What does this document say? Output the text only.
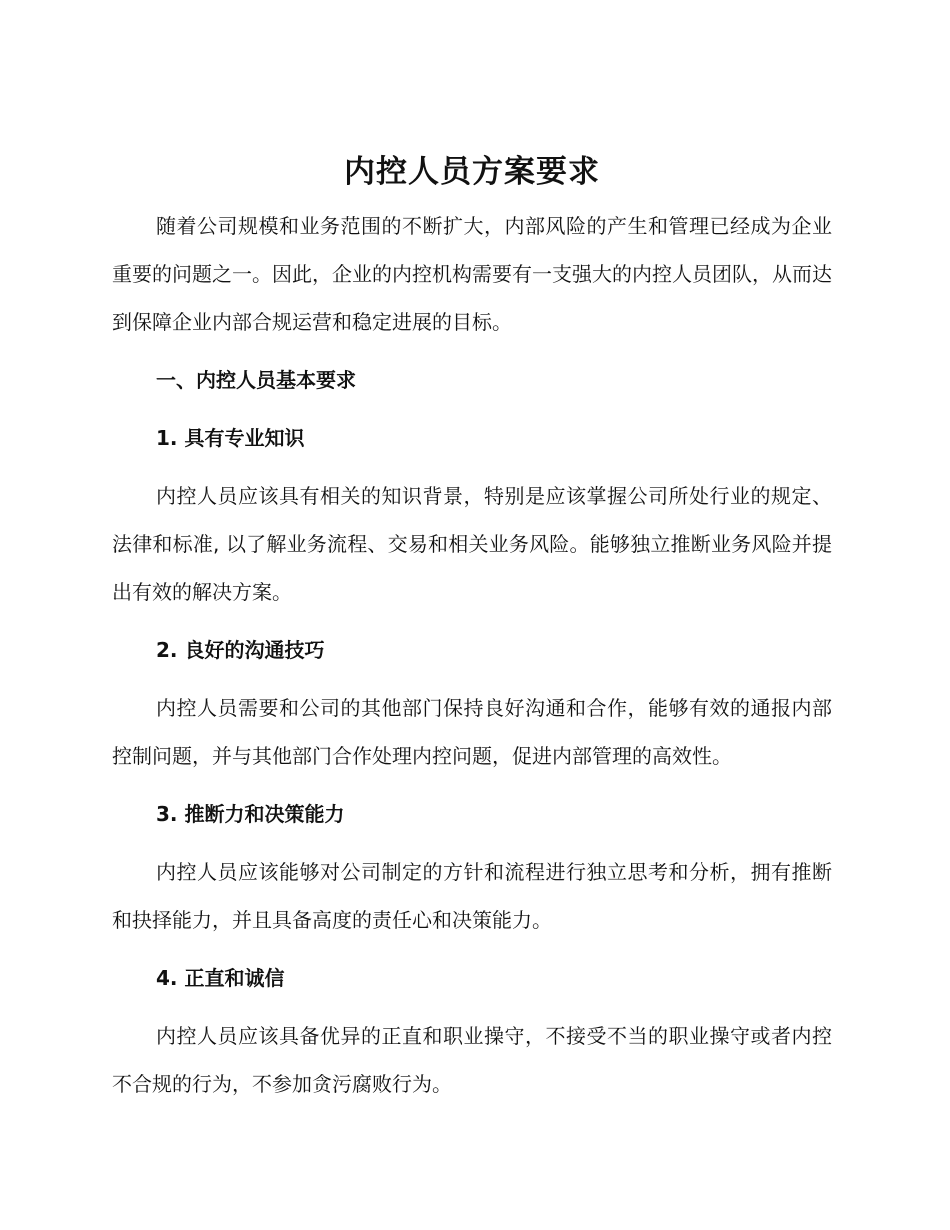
内控人员方案要求

随着公司规模和业务范围的不断扩大，内部风险的产生和管理已经成为企业重要的问题之一。因此，企业的内控机构需要有一支强大的内控人员团队，从而达到保障企业内部合规运营和稳定进展的目标。

一、内控人员基本要求
1. 具有专业知识

内控人员应该具有相关的知识背景，特别是应该掌握公司所处行业的规定、法律和标准, 以了解业务流程、交易和相关业务风险。能够独立推断业务风险并提出有效的解决方案。

2. 良好的沟通技巧

内控人员需要和公司的其他部门保持良好沟通和合作，能够有效的通报内部控制问题，并与其他部门合作处理内控问题，促进内部管理的高效性。

3. 推断力和决策能力

内控人员应该能够对公司制定的方针和流程进行独立思考和分析，拥有推断和抉择能力，并且具备高度的责任心和决策能力。

4. 正直和诚信

内控人员应该具备优异的正直和职业操守，不接受不当的职业操守或者内控不合规的行为，不参加贪污腐败行为。
